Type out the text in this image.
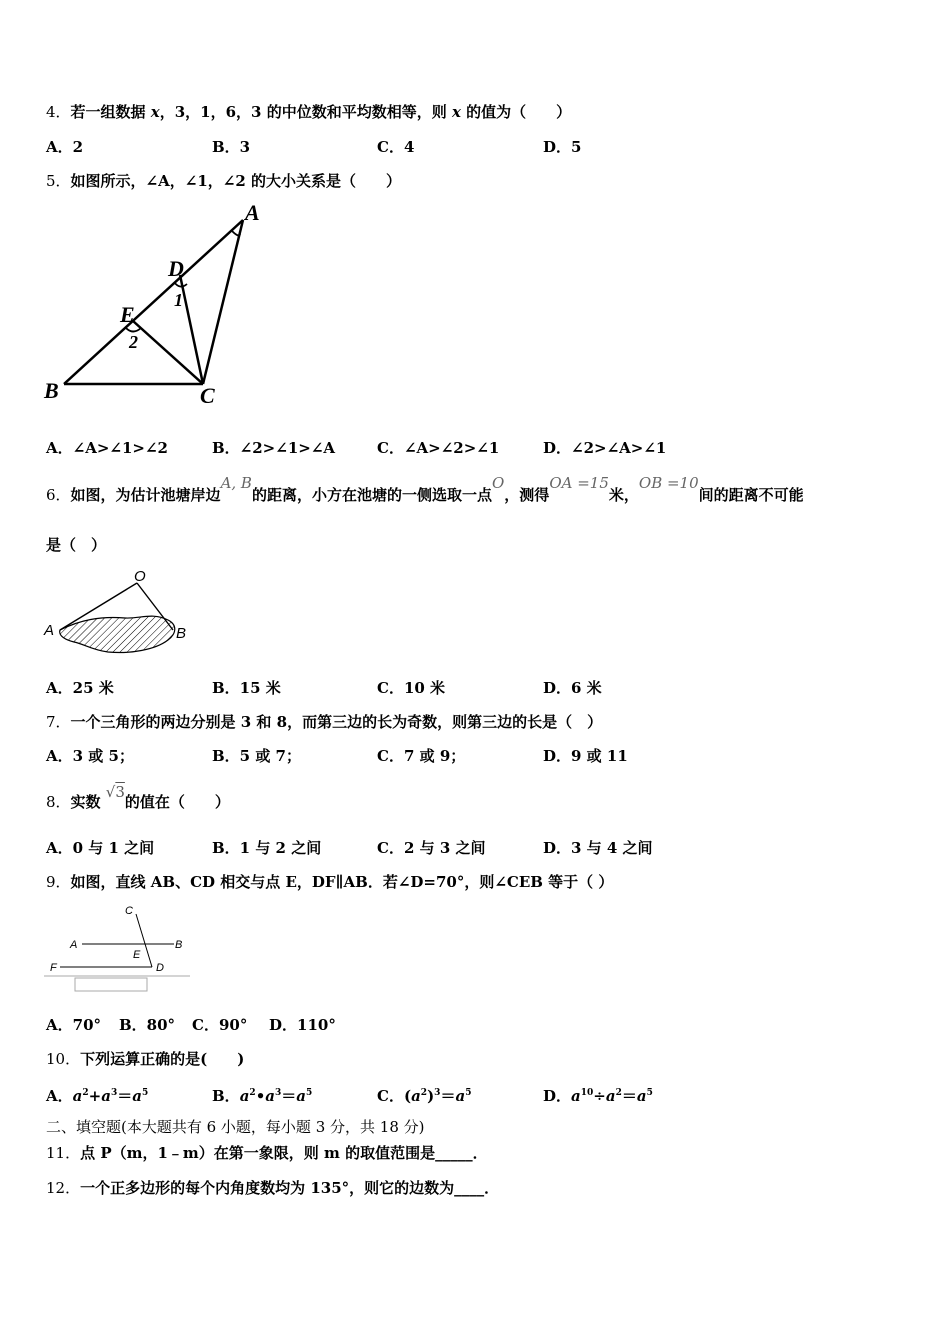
4．若一组数据 x，3，1，6，3 的中位数和平均数相等，则 x 的值为（　　）
A．2	B．3	C．4	D．5
5．如图所示，∠A，∠1，∠2 的大小关系是（　　）
A
D
1
E
2
B	C
A．∠A>∠1>∠2	B．∠2>∠1>∠A	C．∠A>∠2>∠1	D．∠2>∠A>∠1
6．如图，为估计池塘岸边A, B的距离，小方在池塘的一侧选取一点O，测得OA =15米，OB =10间的距离不可能
是（　）
O
A	B
A．25 米	B．15 米	C．10 米	D．6 米
7．一个三角形的两边分别是 3 和 8，而第三边的长为奇数，则第三边的长是（　）
A．3 或 5；	B．5 或 7；	C．7 或 9；	D．9 或 11
8．实数 √3的值在（　　）
A．0 与 1 之间	B．1 与 2 之间	C．2 与 3 之间	D．3 与 4 之间
9．如图，直线 AB、CD 相交与点 E，DF∥AB．若∠D=70°，则∠CEB 等于（ ）
C
A	B
E
F	D
A．70° B．80° C．90° D．110°
10．下列运算正确的是(　　)
A．$a^2+a^3=a^5$	B．$a^2•a^3=a^5$	C．$(a^2)^3=a^5$	D．$a^{10}\div a^2=a^5$
二、填空题(本大题共有 6 小题，每小题 3 分，共 18 分)
11．点 P（m，1﹣m）在第一象限，则 m 的取值范围是_____．
12．一个正多边形的每个内角度数均为 135°，则它的边数为____．
